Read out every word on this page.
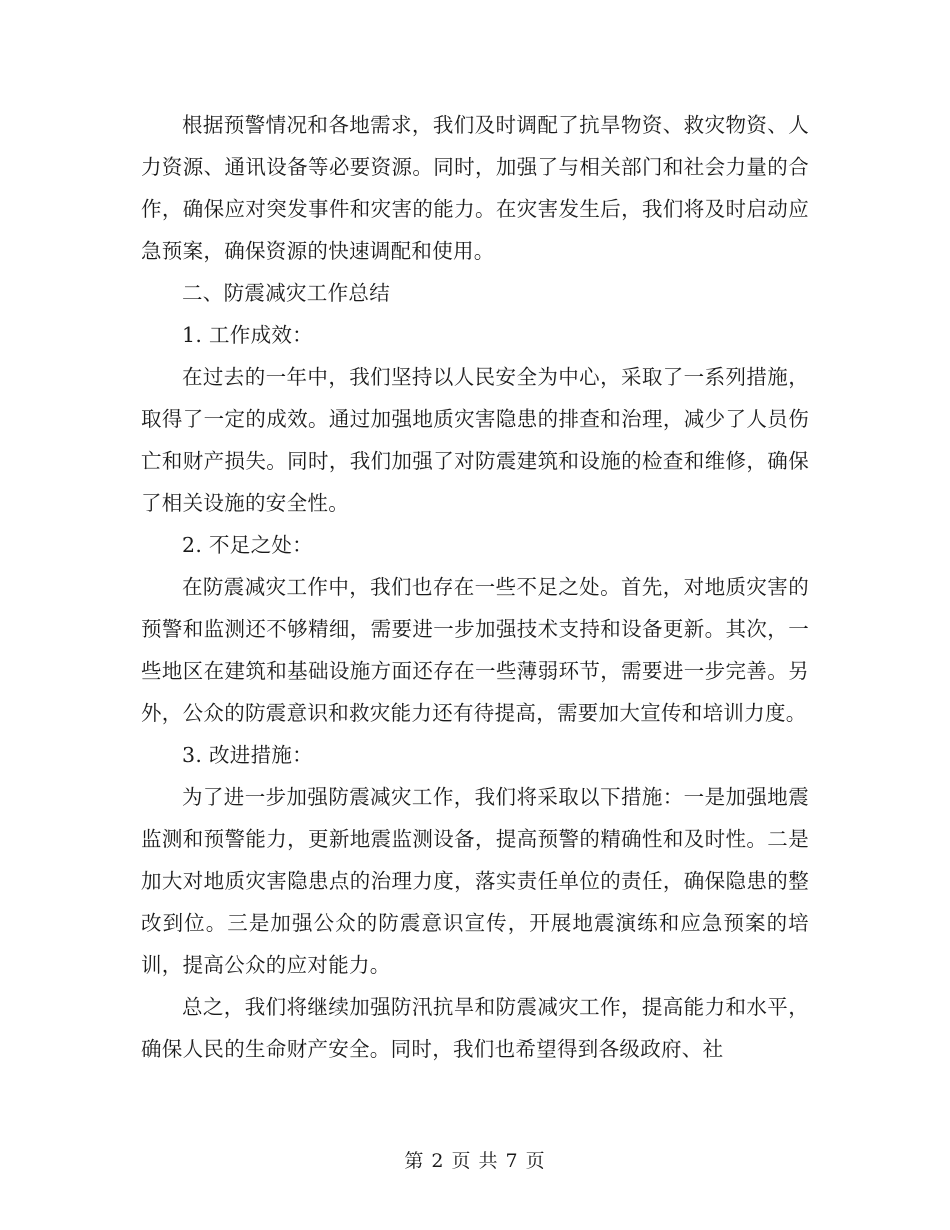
根据预警情况和各地需求，我们及时调配了抗旱物资、救灾物资、人力资源、通讯设备等必要资源。同时，加强了与相关部门和社会力量的合作，确保应对突发事件和灾害的能力。在灾害发生后，我们将及时启动应急预案，确保资源的快速调配和使用。

二、防震减灾工作总结

1. 工作成效：

在过去的一年中，我们坚持以人民安全为中心，采取了一系列措施，取得了一定的成效。通过加强地质灾害隐患的排查和治理，减少了人员伤亡和财产损失。同时，我们加强了对防震建筑和设施的检查和维修，确保了相关设施的安全性。

2. 不足之处：

在防震减灾工作中，我们也存在一些不足之处。首先，对地质灾害的预警和监测还不够精细，需要进一步加强技术支持和设备更新。其次，一些地区在建筑和基础设施方面还存在一些薄弱环节，需要进一步完善。另外，公众的防震意识和救灾能力还有待提高，需要加大宣传和培训力度。

3. 改进措施：

为了进一步加强防震减灾工作，我们将采取以下措施：一是加强地震监测和预警能力，更新地震监测设备，提高预警的精确性和及时性。二是加大对地质灾害隐患点的治理力度，落实责任单位的责任，确保隐患的整改到位。三是加强公众的防震意识宣传，开展地震演练和应急预案的培训，提高公众的应对能力。

总之，我们将继续加强防汛抗旱和防震减灾工作，提高能力和水平，确保人民的生命财产安全。同时，我们也希望得到各级政府、社

第 2 页 共 7 页
